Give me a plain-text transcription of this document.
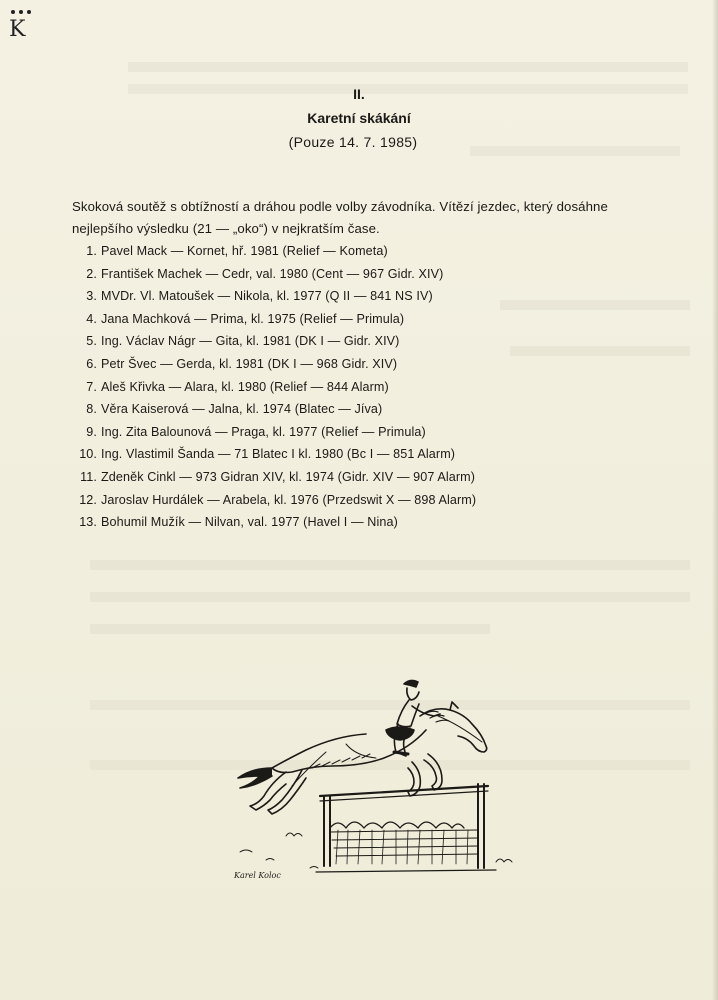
K
II.
Karetní skákání
(Pouze 14. 7. 1985)
Skoková soutěž s obtížností a dráhou podle volby závodníka. Vítězí jezdec, který dosáhne nejlepšího výsledku (21 — „oko“) v nejkratším čase.
1. Pavel Mack — Kornet, hř. 1981 (Relief — Kometa)
2. František Machek — Cedr, val. 1980 (Cent — 967 Gidr. XIV)
3. MVDr. Vl. Matoušek — Nikola, kl. 1977 (Q II — 841 NS IV)
4. Jana Machková — Prima, kl. 1975 (Relief — Primula)
5. Ing. Václav Nágr — Gita, kl. 1981 (DK I — Gidr. XIV)
6. Petr Švec — Gerda, kl. 1981 (DK I — 968 Gidr. XIV)
7. Aleš Křivka — Alara, kl. 1980 (Relief — 844 Alarm)
8. Věra Kaiserová — Jalna, kl. 1974 (Blatec — Jíva)
9. Ing. Zita Balounová — Praga, kl. 1977 (Relief — Primula)
10. Ing. Vlastimil Šanda — 71 Blatec I kl. 1980 (Bc I — 851 Alarm)
11. Zdeněk Cinkl — 973 Gidran XIV, kl. 1974 (Gidr. XIV — 907 Alarm)
12. Jaroslav Hurdálek — Arabela, kl. 1976 (Przedswit X — 898 Alarm)
13. Bohumil Mužík — Nilvan, val. 1977 (Havel I — Nina)
Karel Koloc
